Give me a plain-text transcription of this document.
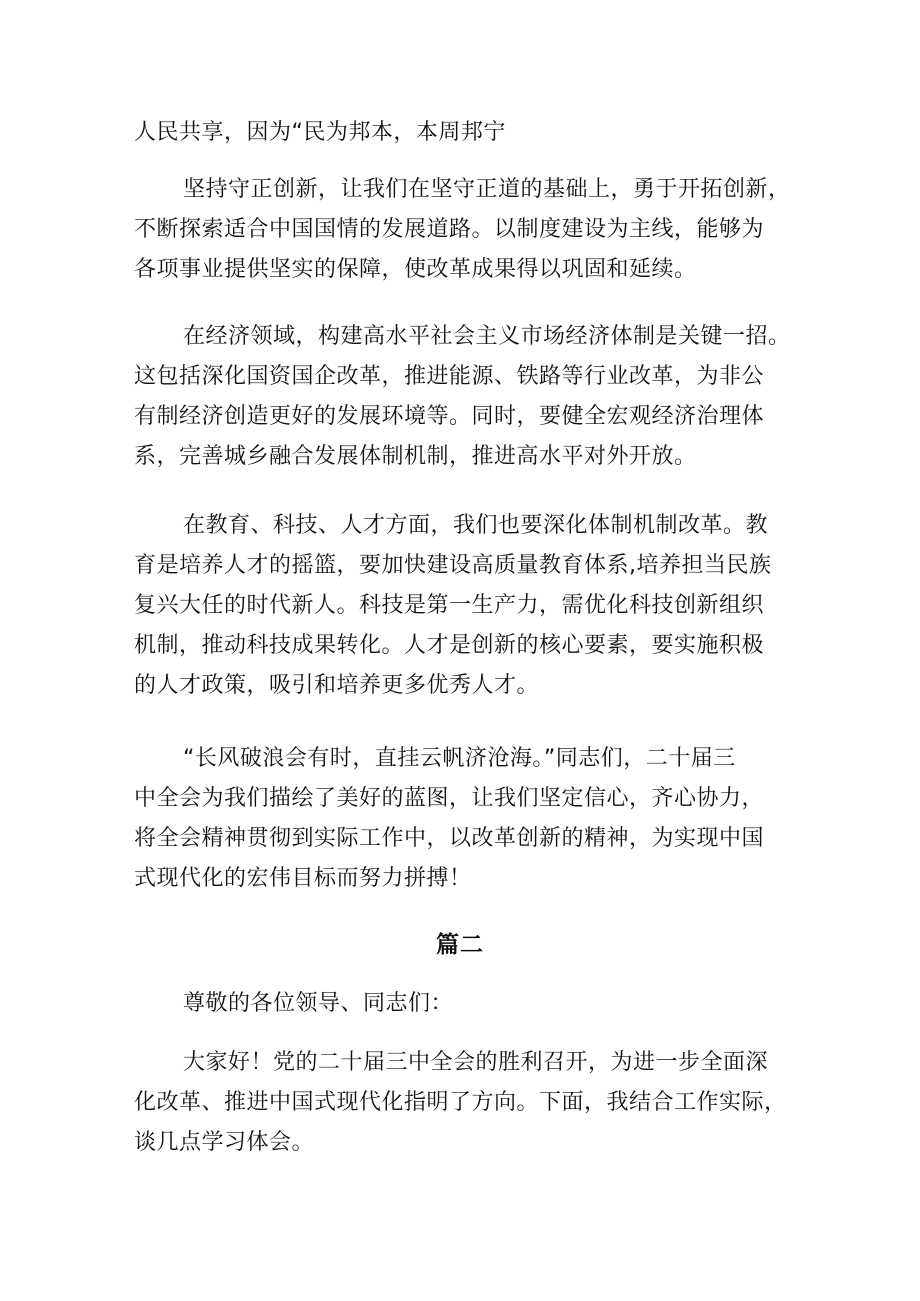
人民共享，因为“民为邦本，本周邦宁

坚持守正创新，让我们在坚守正道的基础上，勇于开拓创新，
不断探索适合中国国情的发展道路。以制度建设为主线，能够为
各项事业提供坚实的保障，使改革成果得以巩固和延续。

在经济领域，构建高水平社会主义市场经济体制是关键一招。
这包括深化国资国企改革，推进能源、铁路等行业改革，为非公
有制经济创造更好的发展环境等。同时，要健全宏观经济治理体
系，完善城乡融合发展体制机制，推进高水平对外开放。

在教育、科技、人才方面，我们也要深化体制机制改革。教
育是培养人才的摇篮，要加快建设高质量教育体系,培养担当民族
复兴大任的时代新人。科技是第一生产力，需优化科技创新组织
机制，推动科技成果转化。人才是创新的核心要素，要实施积极
的人才政策，吸引和培养更多优秀人才。

“长风破浪会有时，直挂云帆济沧海。”同志们，二十届三
中全会为我们描绘了美好的蓝图，让我们坚定信心，齐心协力，
将全会精神贯彻到实际工作中，以改革创新的精神，为实现中国
式现代化的宏伟目标而努力拼搏！

篇二

尊敬的各位领导、同志们：

大家好！党的二十届三中全会的胜利召开，为进一步全面深
化改革、推进中国式现代化指明了方向。下面，我结合工作实际，
谈几点学习体会。
